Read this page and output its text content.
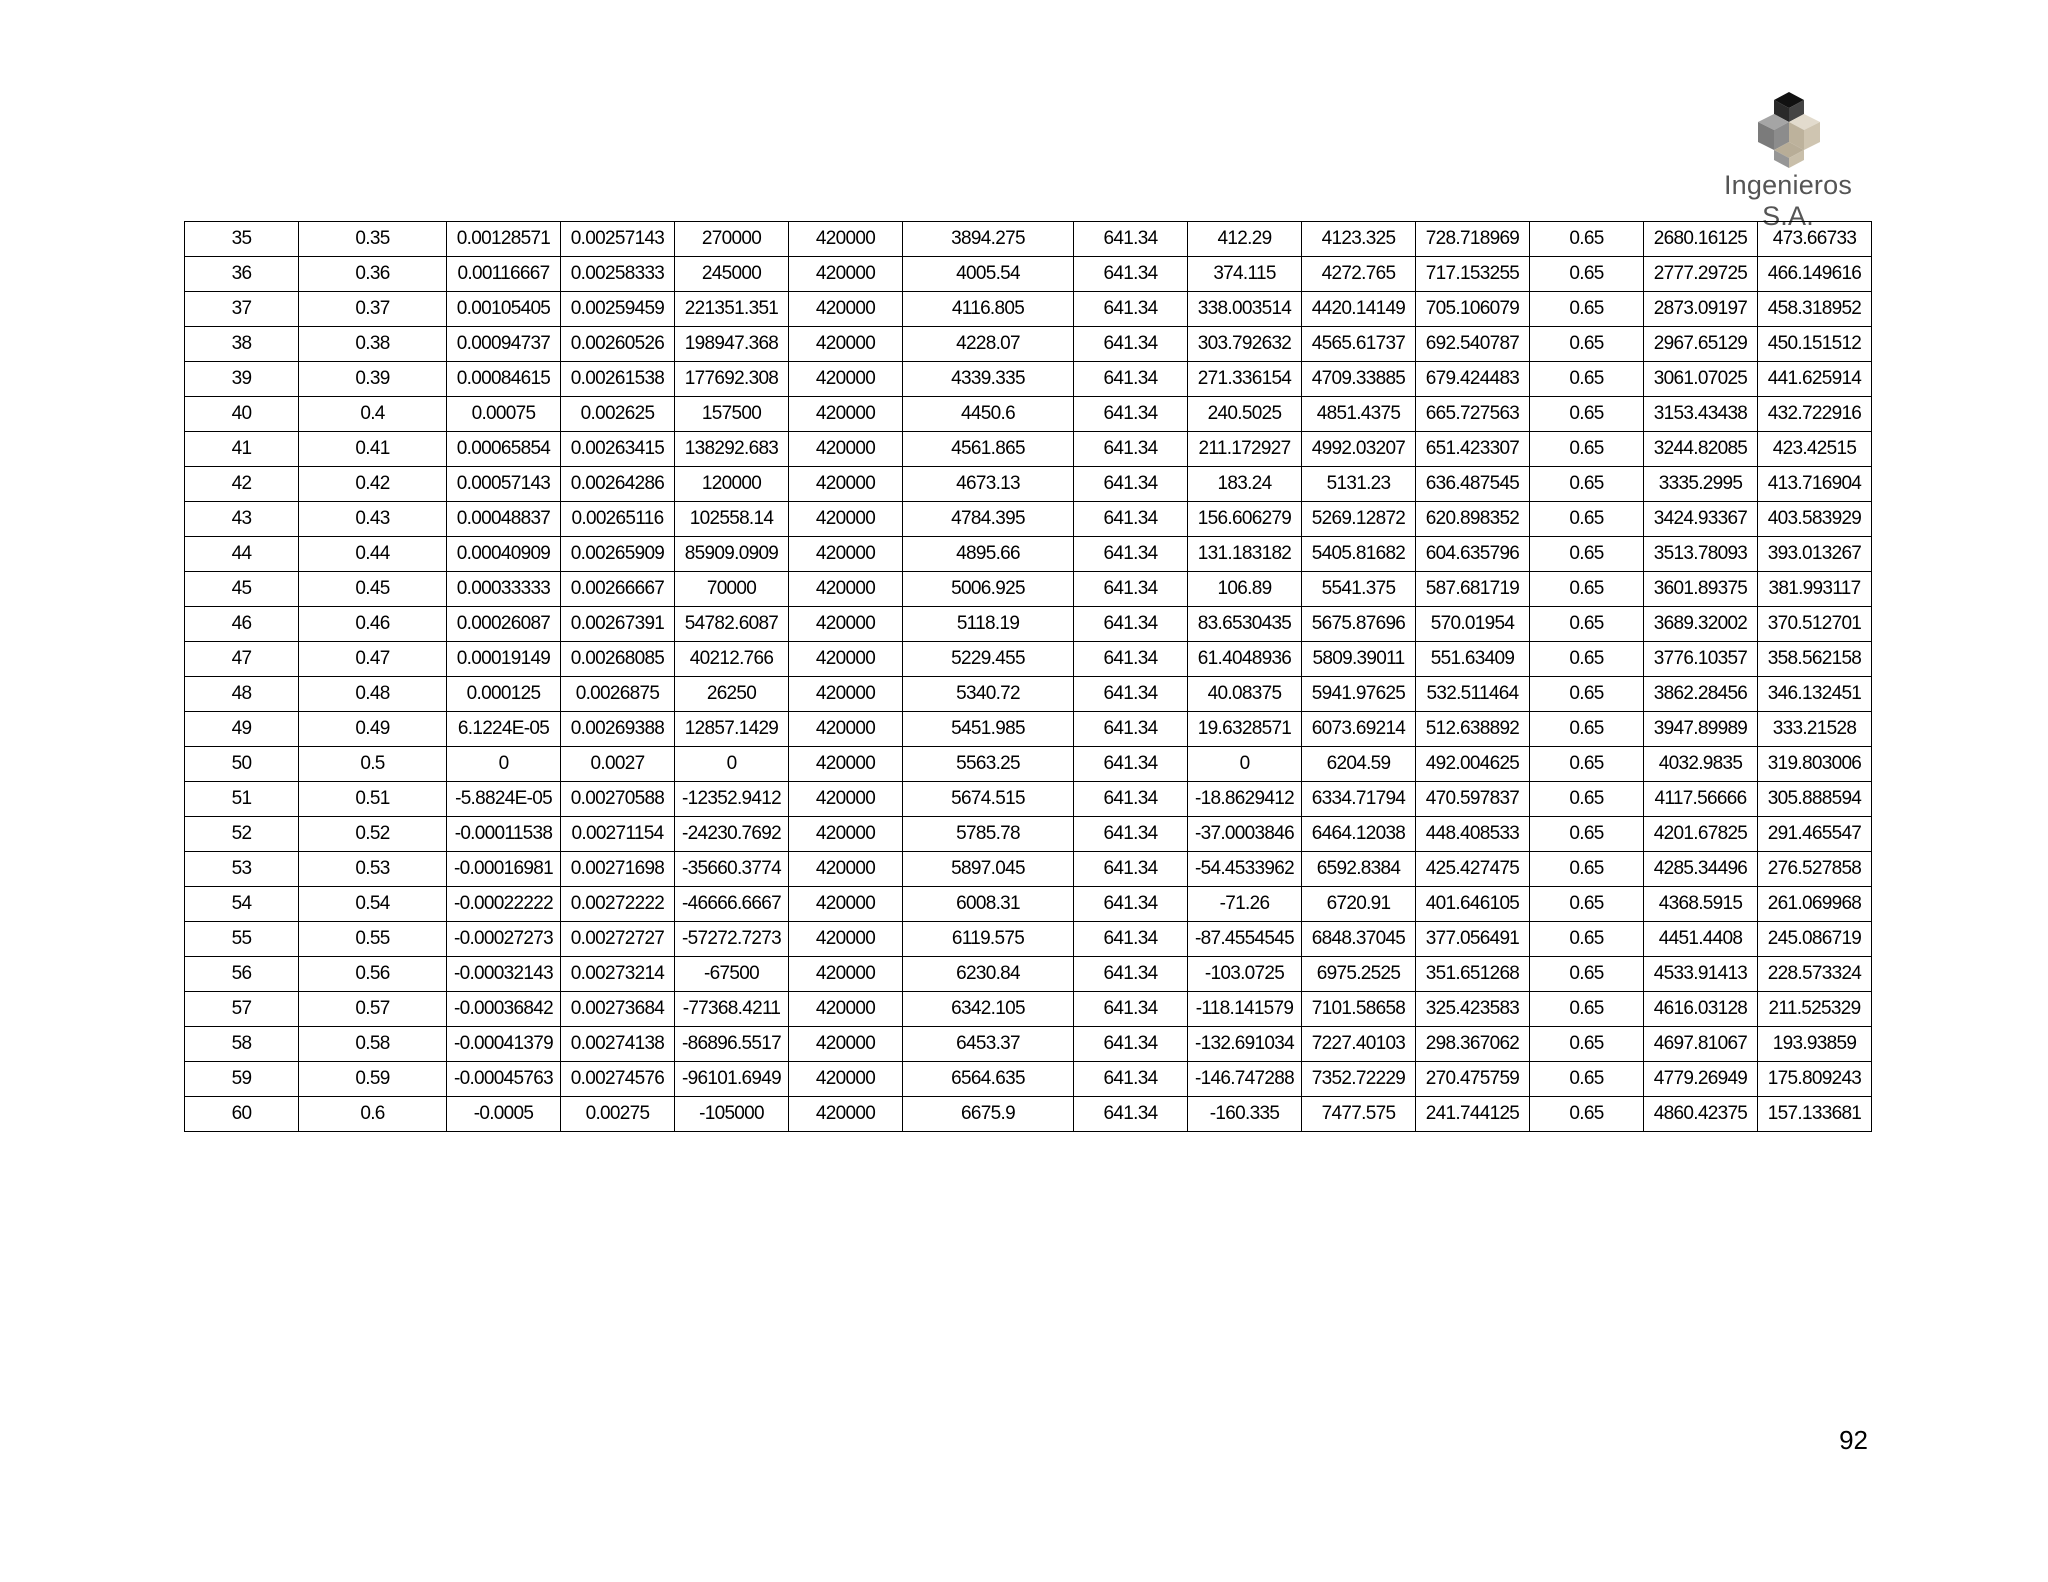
Ingenieros S.A.
35	0.35	0.00128571	0.00257143	270000	420000	3894.275	641.34	412.29	4123.325	728.718969	0.65	2680.16125	473.66733
36	0.36	0.00116667	0.00258333	245000	420000	4005.54	641.34	374.115	4272.765	717.153255	0.65	2777.29725	466.149616
37	0.37	0.00105405	0.00259459	221351.351	420000	4116.805	641.34	338.003514	4420.14149	705.106079	0.65	2873.09197	458.318952
38	0.38	0.00094737	0.00260526	198947.368	420000	4228.07	641.34	303.792632	4565.61737	692.540787	0.65	2967.65129	450.151512
39	0.39	0.00084615	0.00261538	177692.308	420000	4339.335	641.34	271.336154	4709.33885	679.424483	0.65	3061.07025	441.625914
40	0.4	0.00075	0.002625	157500	420000	4450.6	641.34	240.5025	4851.4375	665.727563	0.65	3153.43438	432.722916
41	0.41	0.00065854	0.00263415	138292.683	420000	4561.865	641.34	211.172927	4992.03207	651.423307	0.65	3244.82085	423.42515
42	0.42	0.00057143	0.00264286	120000	420000	4673.13	641.34	183.24	5131.23	636.487545	0.65	3335.2995	413.716904
43	0.43	0.00048837	0.00265116	102558.14	420000	4784.395	641.34	156.606279	5269.12872	620.898352	0.65	3424.93367	403.583929
44	0.44	0.00040909	0.00265909	85909.0909	420000	4895.66	641.34	131.183182	5405.81682	604.635796	0.65	3513.78093	393.013267
45	0.45	0.00033333	0.00266667	70000	420000	5006.925	641.34	106.89	5541.375	587.681719	0.65	3601.89375	381.993117
46	0.46	0.00026087	0.00267391	54782.6087	420000	5118.19	641.34	83.6530435	5675.87696	570.01954	0.65	3689.32002	370.512701
47	0.47	0.00019149	0.00268085	40212.766	420000	5229.455	641.34	61.4048936	5809.39011	551.63409	0.65	3776.10357	358.562158
48	0.48	0.000125	0.0026875	26250	420000	5340.72	641.34	40.08375	5941.97625	532.511464	0.65	3862.28456	346.132451
49	0.49	6.1224E-05	0.00269388	12857.1429	420000	5451.985	641.34	19.6328571	6073.69214	512.638892	0.65	3947.89989	333.21528
50	0.5	0	0.0027	0	420000	5563.25	641.34	0	6204.59	492.004625	0.65	4032.9835	319.803006
51	0.51	-5.8824E-05	0.00270588	-12352.9412	420000	5674.515	641.34	-18.8629412	6334.71794	470.597837	0.65	4117.56666	305.888594
52	0.52	-0.00011538	0.00271154	-24230.7692	420000	5785.78	641.34	-37.0003846	6464.12038	448.408533	0.65	4201.67825	291.465547
53	0.53	-0.00016981	0.00271698	-35660.3774	420000	5897.045	641.34	-54.4533962	6592.8384	425.427475	0.65	4285.34496	276.527858
54	0.54	-0.00022222	0.00272222	-46666.6667	420000	6008.31	641.34	-71.26	6720.91	401.646105	0.65	4368.5915	261.069968
55	0.55	-0.00027273	0.00272727	-57272.7273	420000	6119.575	641.34	-87.4554545	6848.37045	377.056491	0.65	4451.4408	245.086719
56	0.56	-0.00032143	0.00273214	-67500	420000	6230.84	641.34	-103.0725	6975.2525	351.651268	0.65	4533.91413	228.573324
57	0.57	-0.00036842	0.00273684	-77368.4211	420000	6342.105	641.34	-118.141579	7101.58658	325.423583	0.65	4616.03128	211.525329
58	0.58	-0.00041379	0.00274138	-86896.5517	420000	6453.37	641.34	-132.691034	7227.40103	298.367062	0.65	4697.81067	193.93859
59	0.59	-0.00045763	0.00274576	-96101.6949	420000	6564.635	641.34	-146.747288	7352.72229	270.475759	0.65	4779.26949	175.809243
60	0.6	-0.0005	0.00275	-105000	420000	6675.9	641.34	-160.335	7477.575	241.744125	0.65	4860.42375	157.133681
92
